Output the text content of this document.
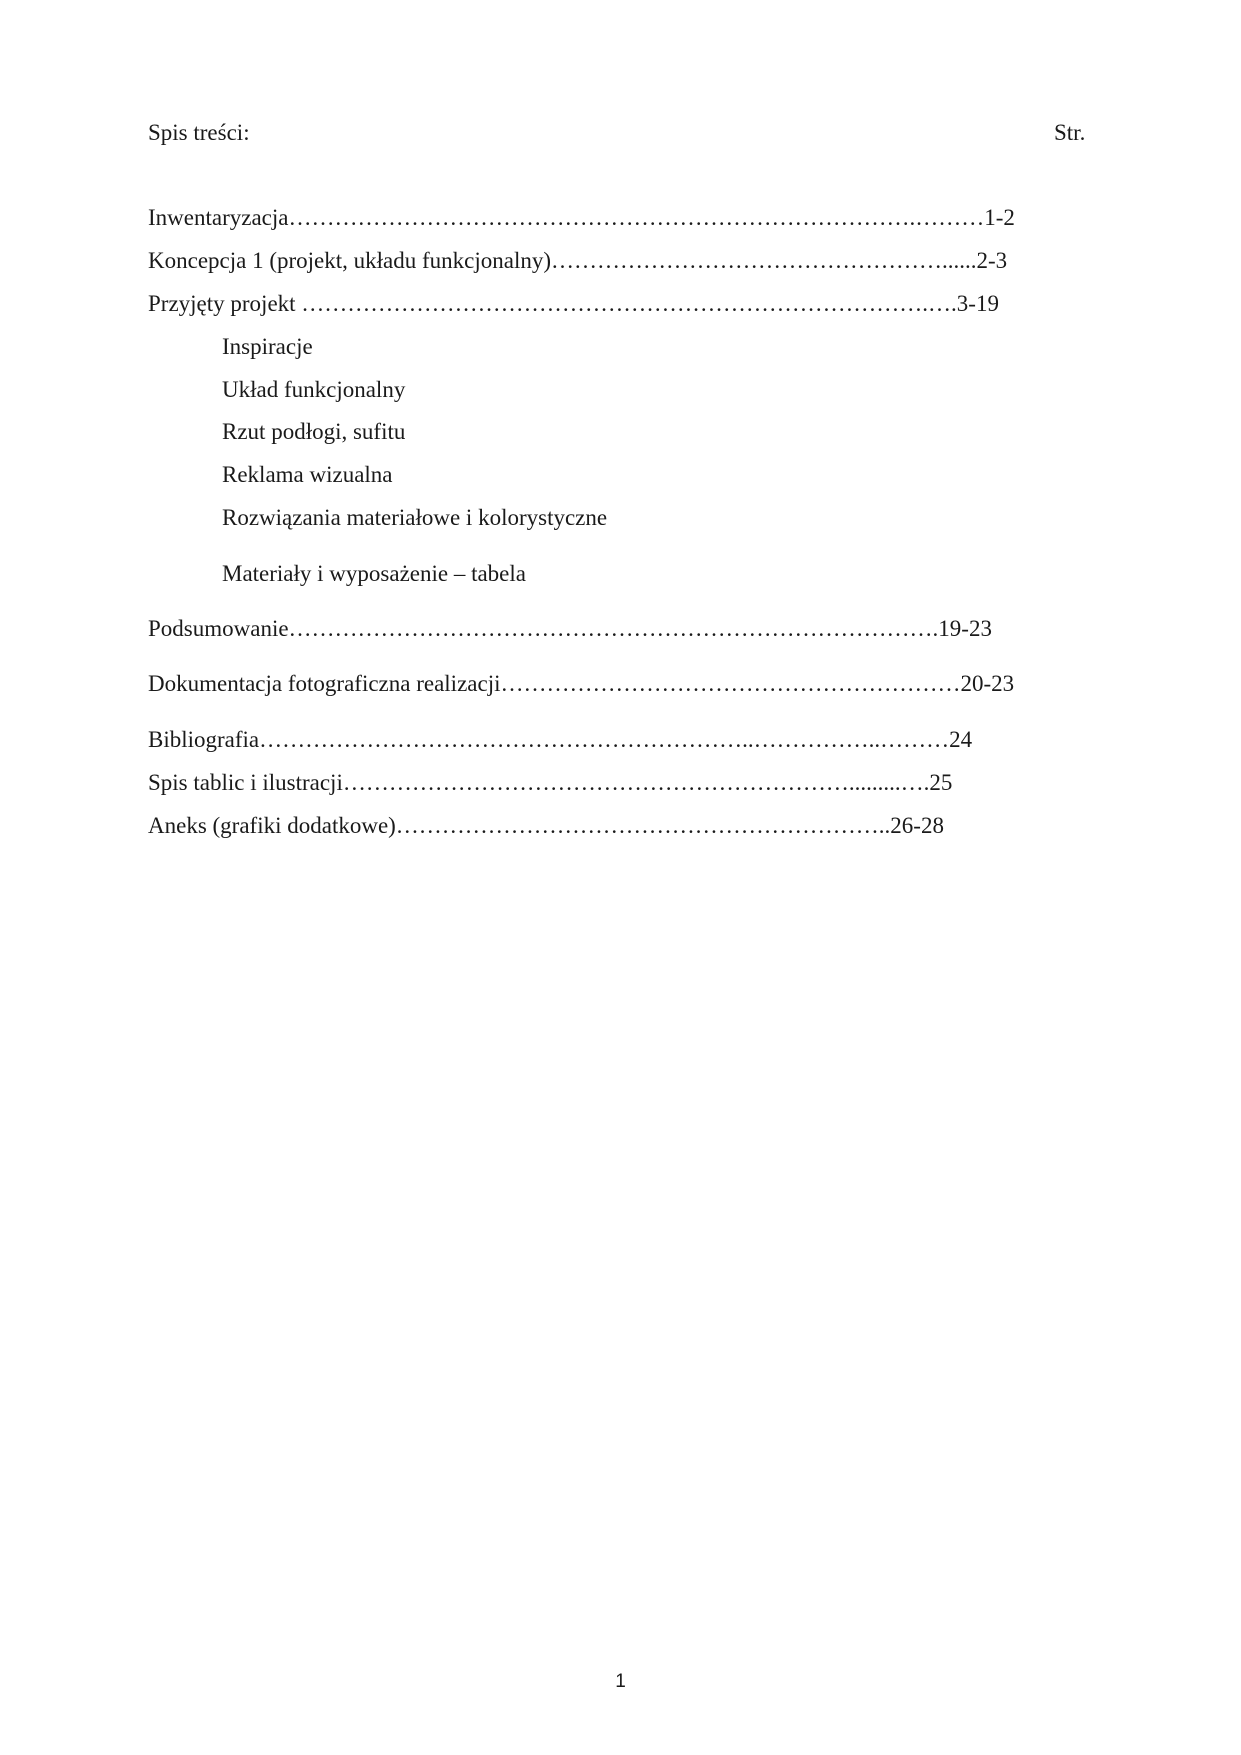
Spis treści:	Str.
Inwentaryzacja……………………………………………………………………….………1-2
Koncepcja 1 (projekt, układu funkcjonalny)……………………………………………......2-3
Przyjęty projekt ……………………………………………………………………….….3-19
Inspiracje
Układ funkcjonalny
Rzut podłogi, sufitu
Reklama wizualna
Rozwiązania materiałowe i kolorystyczne
Materiały i wyposażenie – tabela
Podsumowanie………………………………………………………………………….19-23
Dokumentacja fotograficzna realizacji……………………………………………………20-23
Bibliografia………………………………………………………..……………..………24
Spis tablic i ilustracji………………………………………………………….........….25
Aneks (grafiki dodatkowe)………………………………………………………..26-28
1
